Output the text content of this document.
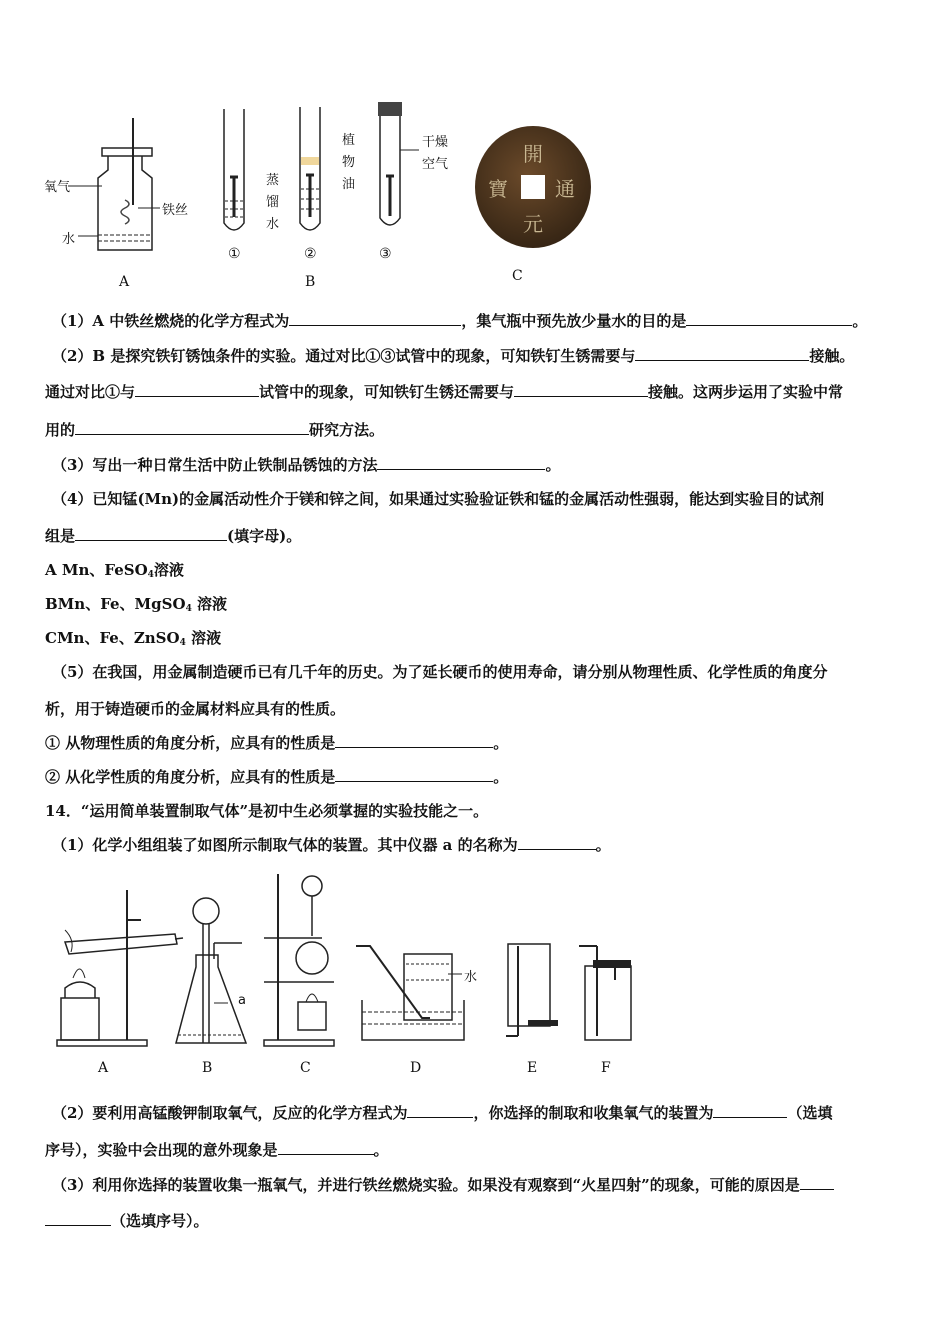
氧气
铁丝
水
A
植物油
蒸馏水
干燥空气
①	②	③
B
開
元
通
寶
C
（1）A 中铁丝燃烧的化学方程式为	，集气瓶中预先放少量水的目的是	。
（2）B 是探究铁钉锈蚀条件的实验。通过对比①③试管中的现象，可知铁钉生锈需要与	接触。
通过对比①与	试管中的现象，可知铁钉生锈还需要与	接触。这两步运用了实验中常
用的	研究方法。
（3）写出一种日常生活中防止铁制品锈蚀的方法	。
（4）已知锰(Mn)的金属活动性介于镁和锌之间，如果通过实验验证铁和锰的金属活动性强弱，能达到实验目的试剂
组是	(填字母)。
A Mn、FeSO$_4$溶液
BMn、Fe、MgSO$_4$ 溶液
CMn、Fe、ZnSO$_4$ 溶液
（5）在我国，用金属制造硬币已有几千年的历史。为了延长硬币的使用寿命，请分别从物理性质、化学性质的角度分
析，用于铸造硬币的金属材料应具有的性质。
① 从物理性质的角度分析，应具有的性质是	。
② 从化学性质的角度分析，应具有的性质是	。
14．“运用简单装置制取气体”是初中生必须掌握的实验技能之一。
（1）化学小组组装了如图所示制取气体的装置。其中仪器 a 的名称为	。
a
水
A	B	C	D	E	F
（2）要利用高锰酸钾制取氧气，反应的化学方程式为	，你选择的制取和收集氧气的装置为	（选填
序号），实验中会出现的意外现象是	。
（3）利用你选择的装置收集一瓶氧气，并进行铁丝燃烧实验。如果没有观察到“火星四射”的现象，可能的原因是
（选填序号）。
